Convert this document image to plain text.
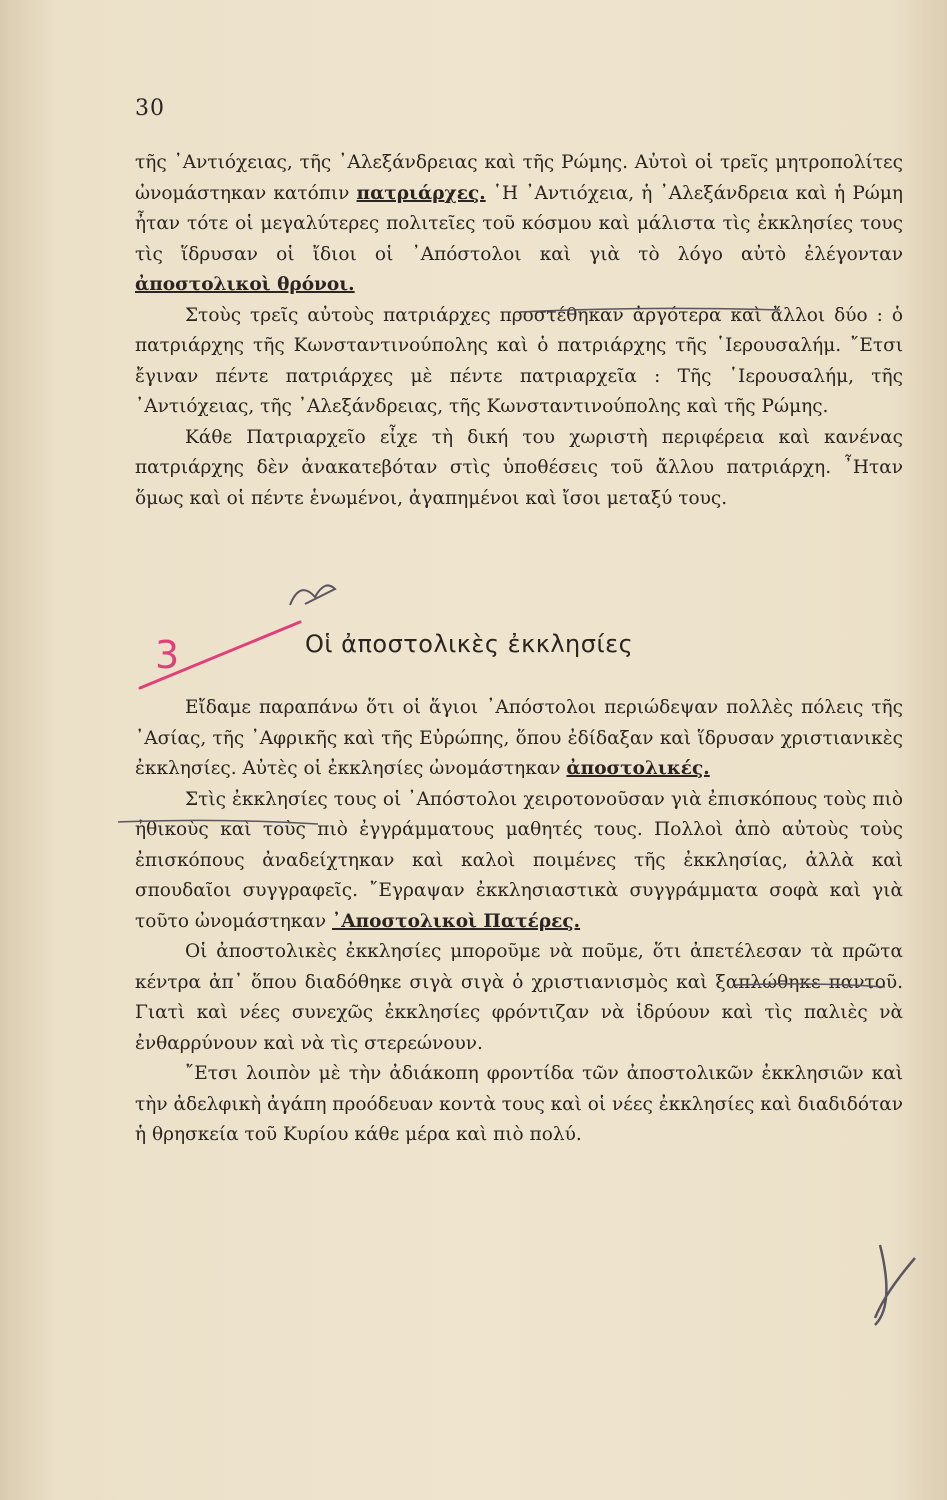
30

τῆς ᾿Αντιόχειας, τῆς ᾿Αλεξάνδρειας καὶ τῆς Ρώμης. Αὐτοὶ οἱ τρεῖς μητροπολίτες ὠνομάστηκαν κατόπιν πατριάρχες. ῾Η ᾿Αντιόχεια, ἡ ᾿Αλεξάνδρεια καὶ ἡ Ρώμη ἦταν τότε οἱ μεγαλύτερες πολιτεῖες τοῦ κόσμου καὶ μάλιστα τὶς ἐκκλησίες τους τὶς ἵδρυσαν οἱ ἴδιοι οἱ ᾿Απόστολοι καὶ γιὰ τὸ λόγο αὐτὸ ἐλέγονταν ἀποστολικοὶ θρόνοι.

Στοὺς τρεῖς αὐτοὺς πατριάρχες προστέθηκαν ἀργότερα καὶ ἄλλοι δύο : ὁ πατριάρχης τῆς Κωνσταντινούπολης καὶ ὁ πατριάρχης τῆς ῾Ιερουσαλήμ. ῎Ετσι ἔγιναν πέντε πατριάρχες μὲ πέντε πατριαρχεῖα : Τῆς ῾Ιερουσαλήμ, τῆς ᾿Αντιόχειας, τῆς ᾿Αλεξάνδρειας, τῆς Κωνσταντινούπολης καὶ τῆς Ρώμης.

Κάθε Πατριαρχεῖο εἶχε τὴ δική του χωριστὴ περιφέρεια καὶ κανένας πατριάρχης δὲν ἀνακατεβόταν στὶς ὑποθέσεις τοῦ ἄλλου πατριάρχη. ῏Ηταν ὅμως καὶ οἱ πέντε ἑνωμένοι, ἀγαπημένοι καὶ ἴσοι μεταξύ τους.

Οἱ ἀποστολικὲς ἐκκλησίες

Εἴδαμε παραπάνω ὅτι οἱ ἅγιοι ᾿Απόστολοι περιώδεψαν πολλὲς πόλεις τῆς ᾿Ασίας, τῆς ᾿Αφρικῆς καὶ τῆς Εὐρώπης, ὅπου ἐδίδαξαν καὶ ἵδρυσαν χριστιανικὲς ἐκκλησίες. Αὐτὲς οἱ ἐκκλησίες ὠνομάστηκαν ἀποστολικές.

Στὶς ἐκκλησίες τους οἱ ᾿Απόστολοι χειροτονοῦσαν γιὰ ἐπισκόπους τοὺς πιὸ ἠθικοὺς καὶ τοὺς πιὸ ἐγγράμματους μαθητές τους. Πολλοὶ ἀπὸ αὐτοὺς τοὺς ἐπισκόπους ἀναδείχτηκαν καὶ καλοὶ ποιμένες τῆς ἐκκλησίας, ἀλλὰ καὶ σπουδαῖοι συγγραφεῖς. ῎Εγραψαν ἐκκλησιαστικὰ συγγράμματα σοφὰ καὶ γιὰ τοῦτο ὠνομάστηκαν ᾿Αποστολικοὶ Πατέρες.

Οἱ ἀποστολικὲς ἐκκλησίες μποροῦμε νὰ ποῦμε, ὅτι ἀπετέλεσαν τὰ πρῶτα κέντρα ἀπ᾿ ὅπου διαδόθηκε σιγὰ σιγὰ ὁ χριστιανισμὸς καὶ ξαπλώθηκε παντοῦ. Γιατὶ καὶ νέες συνεχῶς ἐκκλησίες φρόντιζαν νὰ ἱδρύουν καὶ τὶς παλιὲς νὰ ἐνθαρρύνουν καὶ νὰ τὶς στερεώνουν.

῎Ετσι λοιπὸν μὲ τὴν ἀδιάκοπη φροντίδα τῶν ἀποστολικῶν ἐκκλησιῶν καὶ τὴν ἀδελφικὴ ἀγάπη προόδευαν κοντὰ τους καὶ οἱ νέες ἐκκλησίες καὶ διαδιδόταν ἡ θρησκεία τοῦ Κυρίου κάθε μέρα καὶ πιὸ πολύ.

3
